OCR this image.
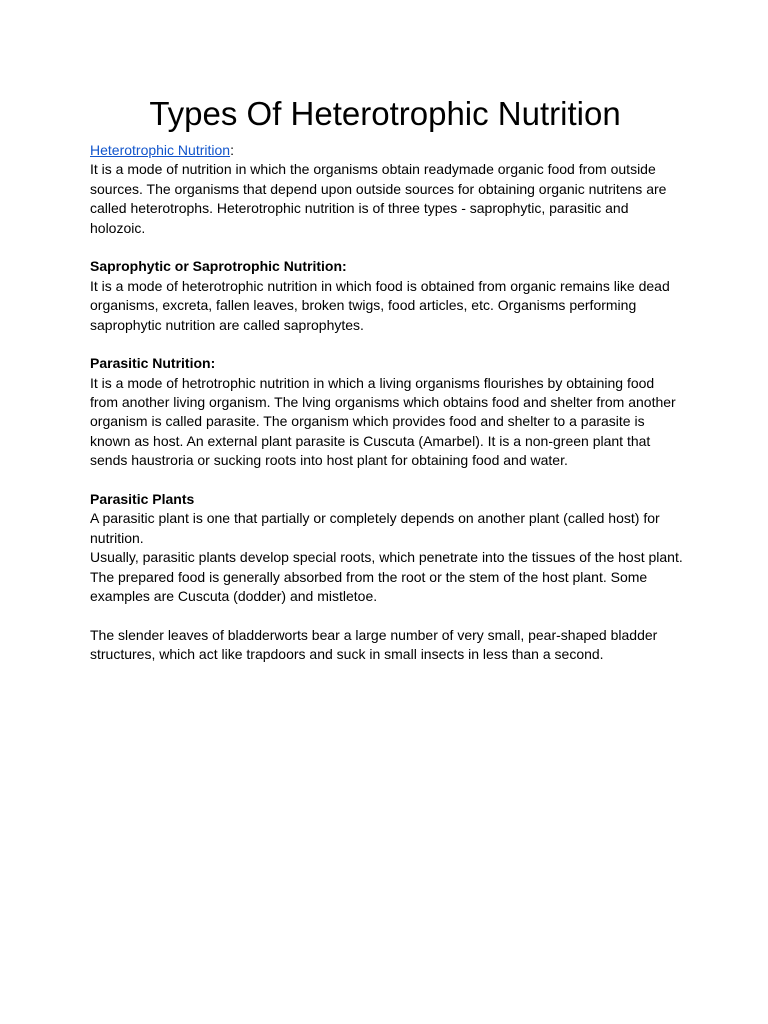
Types Of Heterotrophic Nutrition
Heterotrophic Nutrition:
It is a mode of nutrition in which the organisms obtain readymade organic food from outside
sources. The organisms that depend upon outside sources for obtaining organic nutritens are
called heterotrophs. Heterotrophic nutrition is of three types - saprophytic, parasitic and
holozoic.
Saprophytic or Saprotrophic Nutrition:
It is a mode of heterotrophic nutrition in which food is obtained from organic remains like dead
organisms, excreta, fallen leaves, broken twigs, food articles, etc. Organisms performing
saprophytic nutrition are called saprophytes.
Parasitic Nutrition:
It is a mode of hetrotrophic nutrition in which a living organisms flourishes by obtaining food
from another living organism. The lving organisms which obtains food and shelter from another
organism is called parasite. The organism which provides food and shelter to a parasite is
known as host. An external plant parasite is Cuscuta (Amarbel). It is a non-green plant that
sends haustroria or sucking roots into host plant for obtaining food and water.
Parasitic Plants
A parasitic plant is one that partially or completely depends on another plant (called host) for
nutrition.
Usually, parasitic plants develop special roots, which penetrate into the tissues of the host plant.
The prepared food is generally absorbed from the root or the stem of the host plant. Some
examples are Cuscuta (dodder) and mistletoe.
The slender leaves of bladderworts bear a large number of very small, pear-shaped bladder
structures, which act like trapdoors and suck in small insects in less than a second.
